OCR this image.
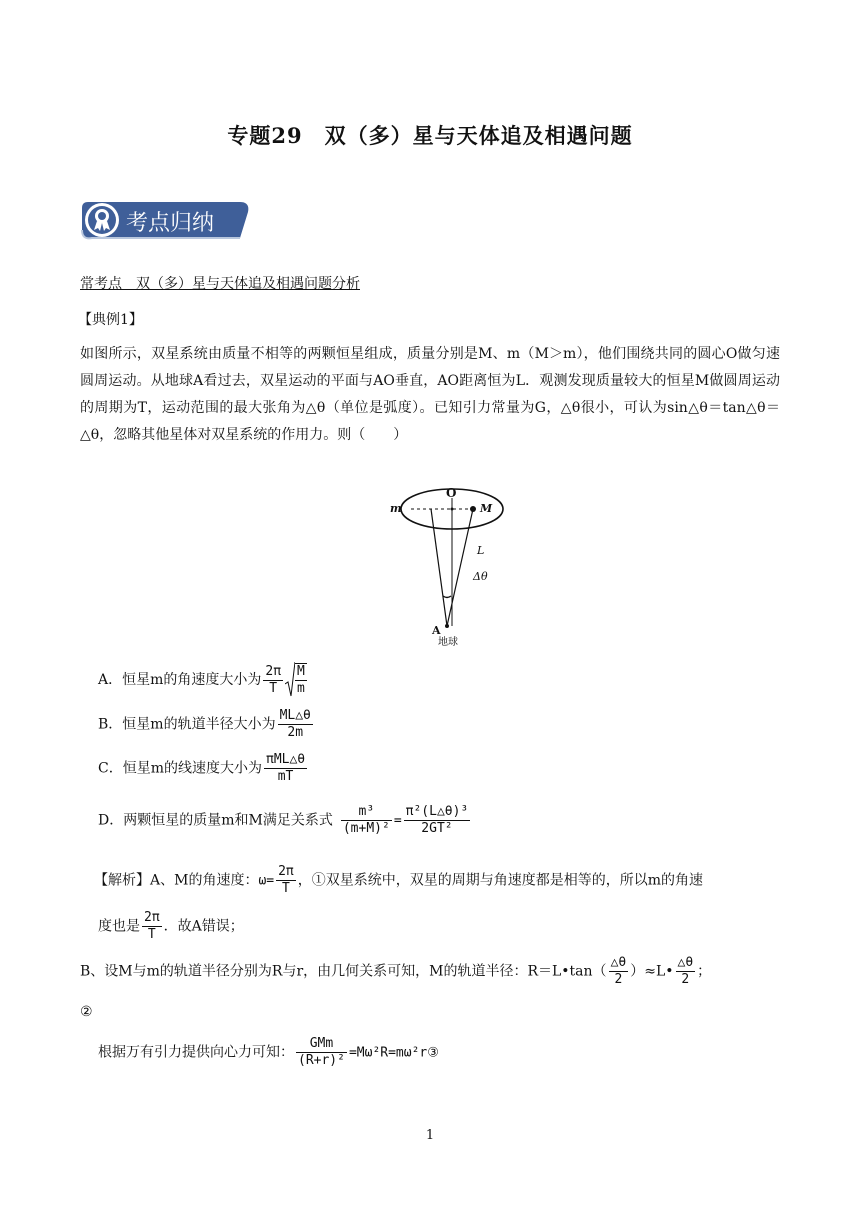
专题29　双（多）星与天体追及相遇问题
考点归纳
常考点　双（多）星与天体追及相遇问题分析
【典例1】
如图所示，双星系统由质量不相等的两颗恒星组成，质量分别是M、m（M＞m），他们围绕共同的圆心O做匀速圆周运动。从地球A看过去，双星运动的平面与AO垂直，AO距离恒为L．观测发现质量较大的恒星M做圆周运动的周期为T，运动范围的最大张角为△θ（单位是弧度）。已知引力常量为G，△θ很小，可认为sin△θ＝tan△θ＝△θ，忽略其他星体对双星系统的作用力。则（　　）
m
O
M
L
Δθ
A
地球
A．恒星m的角速度大小为 $\frac{2\pi}{T} \frac{M}{m}$
B．恒星m的轨道半径大小为 $\frac{ML\triangle\theta}{2m}$
C．恒星m的线速度大小为 $\frac{\text{πML△θ}}{mT}$
D．两颗恒星的质量m和M满足关系式 $\frac{\text{m³}}{\text{(m+M)²}} = \frac{\text{π²(L△θ)³}}{\text{2GT²}}$
【解析】A、M的角速度：$\omega= \frac{2\pi}{T}$ ，①双星系统中，双星的周期与角速度都是相等的，所以m的角速
度也是 $\frac{2\pi}{T}$ ．故A错误；
B、设M与m的轨道半径分别为R与r，由几何关系可知，M的轨道半径：R＝L•tan（ $\frac{\triangle\theta}{2}$ ）≈L• $\frac{\triangle\theta}{2}$ ；
②
根据万有引力提供向心力可知： $\frac{\text{GMm}}{\text{(R+r)²}}$ =Mω²R=mω²r③
1
